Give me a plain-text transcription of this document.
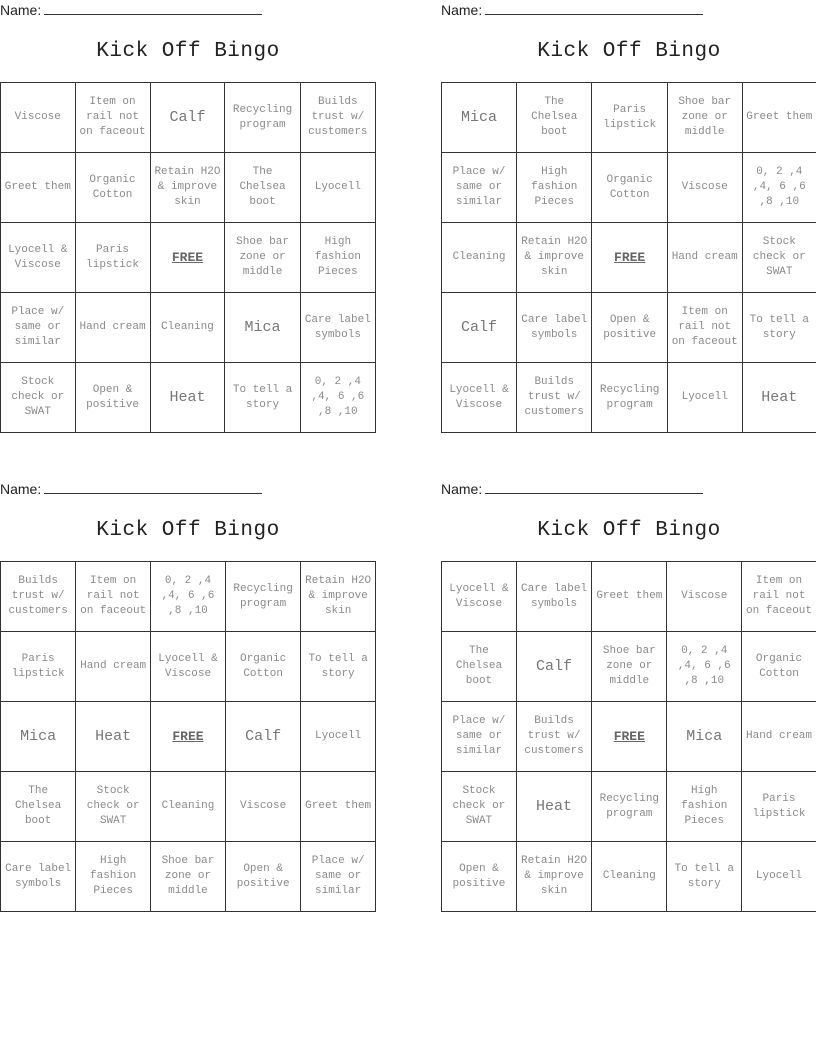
Name:
Kick Off Bingo
Viscose	Item on rail not on faceout	Calf	Recycling program	Builds trust w/ customers
Greet them	Organic Cotton	Retain H2O & improve skin	The Chelsea boot	Lyocell
Lyocell & Viscose	Paris lipstick	FREE	Shoe bar zone or middle	High fashion Pieces
Place w/ same or similar	Hand cream	Cleaning	Mica	Care label symbols
Stock check or SWAT	Open & positive	Heat	To tell a story	0, 2 ,4 ,4, 6 ,6 ,8 ,10
Name:
Kick Off Bingo
Mica	The Chelsea boot	Paris lipstick	Shoe bar zone or middle	Greet them
Place w/ same or similar	High fashion Pieces	Organic Cotton	Viscose	0, 2 ,4 ,4, 6 ,6 ,8 ,10
Cleaning	Retain H2O & improve skin	FREE	Hand cream	Stock check or SWAT
Calf	Care label symbols	Open & positive	Item on rail not on faceout	To tell a story
Lyocell & Viscose	Builds trust w/ customers	Recycling program	Lyocell	Heat
Name:
Kick Off Bingo
Builds trust w/ customers	Item on rail not on faceout	0, 2 ,4 ,4, 6 ,6 ,8 ,10	Recycling program	Retain H2O & improve skin
Paris lipstick	Hand cream	Lyocell & Viscose	Organic Cotton	To tell a story
Mica	Heat	FREE	Calf	Lyocell
The Chelsea boot	Stock check or SWAT	Cleaning	Viscose	Greet them
Care label symbols	High fashion Pieces	Shoe bar zone or middle	Open & positive	Place w/ same or similar
Name:
Kick Off Bingo
Lyocell & Viscose	Care label symbols	Greet them	Viscose	Item on rail not on faceout
The Chelsea boot	Calf	Shoe bar zone or middle	0, 2 ,4 ,4, 6 ,6 ,8 ,10	Organic Cotton
Place w/ same or similar	Builds trust w/ customers	FREE	Mica	Hand cream
Stock check or SWAT	Heat	Recycling program	High fashion Pieces	Paris lipstick
Open & positive	Retain H2O & improve skin	Cleaning	To tell a story	Lyocell
